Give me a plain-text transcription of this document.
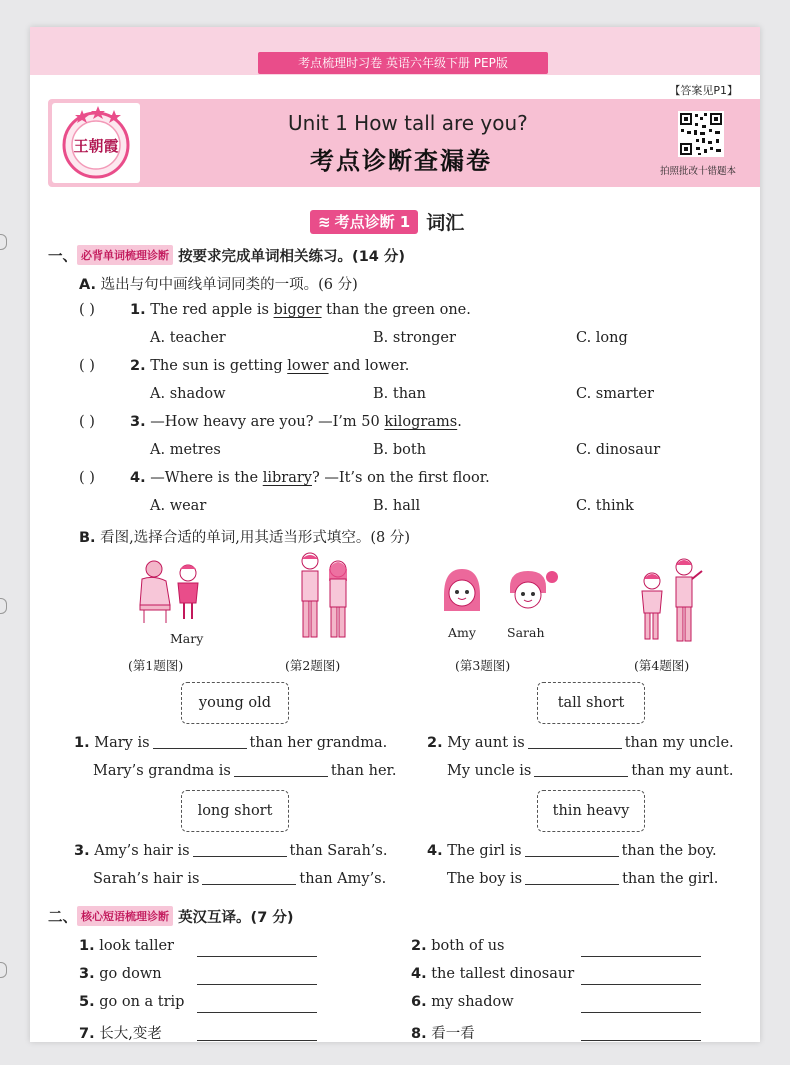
考点梳理时习卷 英语六年级下册 PEP版
【答案见P1】
王朝霞
Unit 1 How tall are you?
考点诊断查漏卷	拍照批改十错题本
≋ 考点诊断 1 词汇
一、 必背单词梳理诊断 按要求完成单词相关练习。(14 分)
A. 选出与句中画线单词同类的一项。(6 分)
( ) 1. The red apple is bigger than the green one.
A. teacher	B. stronger	C. long
( ) 2. The sun is getting lower and lower.
A. shadow	B. than	C. smarter
( ) 3. —How heavy are you? —I’m 50 kilograms.
A. metres	B. both	C. dinosaur
( ) 4. —Where is the library? —It’s on the first floor.
A. wear	B. hall	C. think
B. 看图,选择合适的单词,用其适当形式填空。(8 分)
Mary
(第1题图)	(第2题图)
Amy Sarah
(第3题图)	(第4题图)
young old	tall short
1. Mary is	than her grandma.
Mary’s grandma is	than her.
2. My aunt is	than my uncle.
My uncle is	than my aunt.
long short	thin heavy
3. Amy’s hair is	than Sarah’s.
Sarah’s hair is	than Amy’s.
4. The girl is	than the boy.
The boy is	than the girl.
二、 核心短语梳理诊断 英汉互译。(7 分)
1. look taller	2. both of us
3. go down	4. the tallest dinosaur
5. go on a trip	6. my shadow
7. 长大,变老	8. 看一看
